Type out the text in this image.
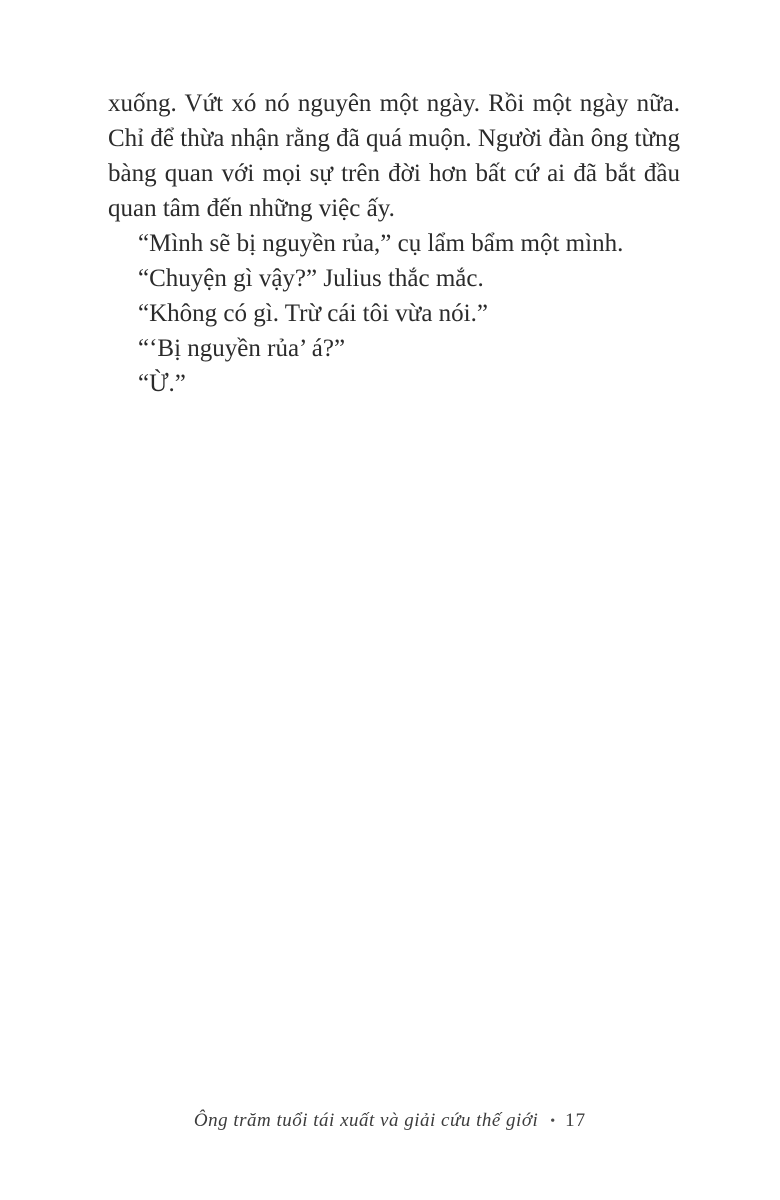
xuống. Vứt xó nó nguyên một ngày. Rồi một ngày nữa. Chỉ để thừa nhận rằng đã quá muộn. Người đàn ông từng bàng quan với mọi sự trên đời hơn bất cứ ai đã bắt đầu quan tâm đến những việc ấy.

“Mình sẽ bị nguyền rủa,” cụ lẩm bẩm một mình.

“Chuyện gì vậy?” Julius thắc mắc.

“Không có gì. Trừ cái tôi vừa nói.”

“‘Bị nguyền rủa’ á?”

“Ừ.”

Ông trăm tuổi tái xuất và giải cứu thế giới • 17
